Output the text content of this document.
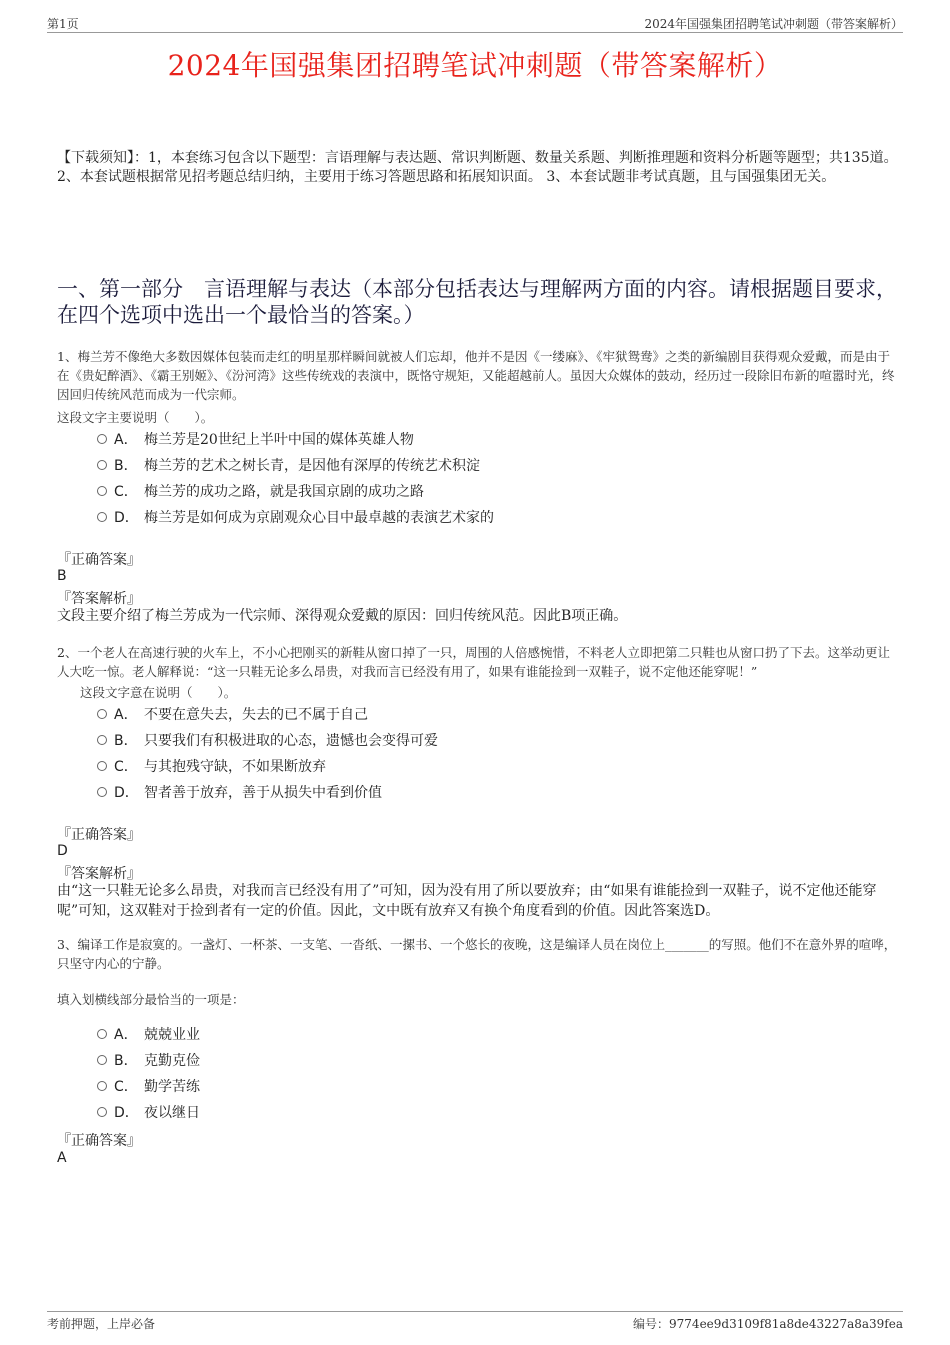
第1页	2024年国强集团招聘笔试冲刺题（带答案解析）
2024年国强集团招聘笔试冲刺题（带答案解析）
【下载须知】：1，本套练习包含以下题型：言语理解与表达题、常识判断题、数量关系题、判断推理题和资料分析题等题型；共135道。 2、本套试题根据常见招考题总结归纳，主要用于练习答题思路和拓展知识面。 3、本套试题非考试真题，且与国强集团无关。
一、第一部分　言语理解与表达（本部分包括表达与理解两方面的内容。请根据题目要求，在四个选项中选出一个最恰当的答案。）
1、梅兰芳不像绝大多数因媒体包装而走红的明星那样瞬间就被人们忘却，他并不是因《一缕麻》、《牢狱鸳鸯》之类的新编剧目获得观众爱戴，而是由于在《贵妃醉酒》、《霸王别姬》、《汾河湾》这些传统戏的表演中，既恪守规矩，又能超越前人。虽因大众媒体的鼓动，经历过一段除旧布新的喧嚣时光，终因回归传统风范而成为一代宗师。
这段文字主要说明（　　）。
A． 梅兰芳是20世纪上半叶中国的媒体英雄人物
B． 梅兰芳的艺术之树长青，是因他有深厚的传统艺术积淀
C． 梅兰芳的成功之路，就是我国京剧的成功之路
D． 梅兰芳是如何成为京剧观众心目中最卓越的表演艺术家的
『正确答案』
B
『答案解析』
文段主要介绍了梅兰芳成为一代宗师、深得观众爱戴的原因：回归传统风范。因此B项正确。
2、一个老人在高速行驶的火车上，不小心把刚买的新鞋从窗口掉了一只，周围的人倍感惋惜，不料老人立即把第二只鞋也从窗口扔了下去。这举动更让人大吃一惊。老人解释说：“这一只鞋无论多么昂贵，对我而言已经没有用了，如果有谁能捡到一双鞋子，说不定他还能穿呢！”
这段文字意在说明（　　）。
A． 不要在意失去，失去的已不属于自己
B． 只要我们有积极进取的心态，遗憾也会变得可爱
C． 与其抱残守缺，不如果断放弃
D． 智者善于放弃，善于从损失中看到价值
『正确答案』
D
『答案解析』
由“这一只鞋无论多么昂贵，对我而言已经没有用了”可知，因为没有用了所以要放弃；由“如果有谁能捡到一双鞋子，说不定他还能穿呢”可知，这双鞋对于捡到者有一定的价值。因此，文中既有放弃又有换个角度看到的价值。因此答案选D。
3、编译工作是寂寞的。一盏灯、一杯茶、一支笔、一沓纸、一摞书、一个悠长的夜晚，这是编译人员在岗位上_______的写照。他们不在意外界的喧哗，只坚守内心的宁静。
填入划横线部分最恰当的一项是：
A． 兢兢业业
B． 克勤克俭
C． 勤学苦练
D． 夜以继日
『正确答案』
A
考前押题，上岸必备	编号：9774ee9d3109f81a8de43227a8a39fea
